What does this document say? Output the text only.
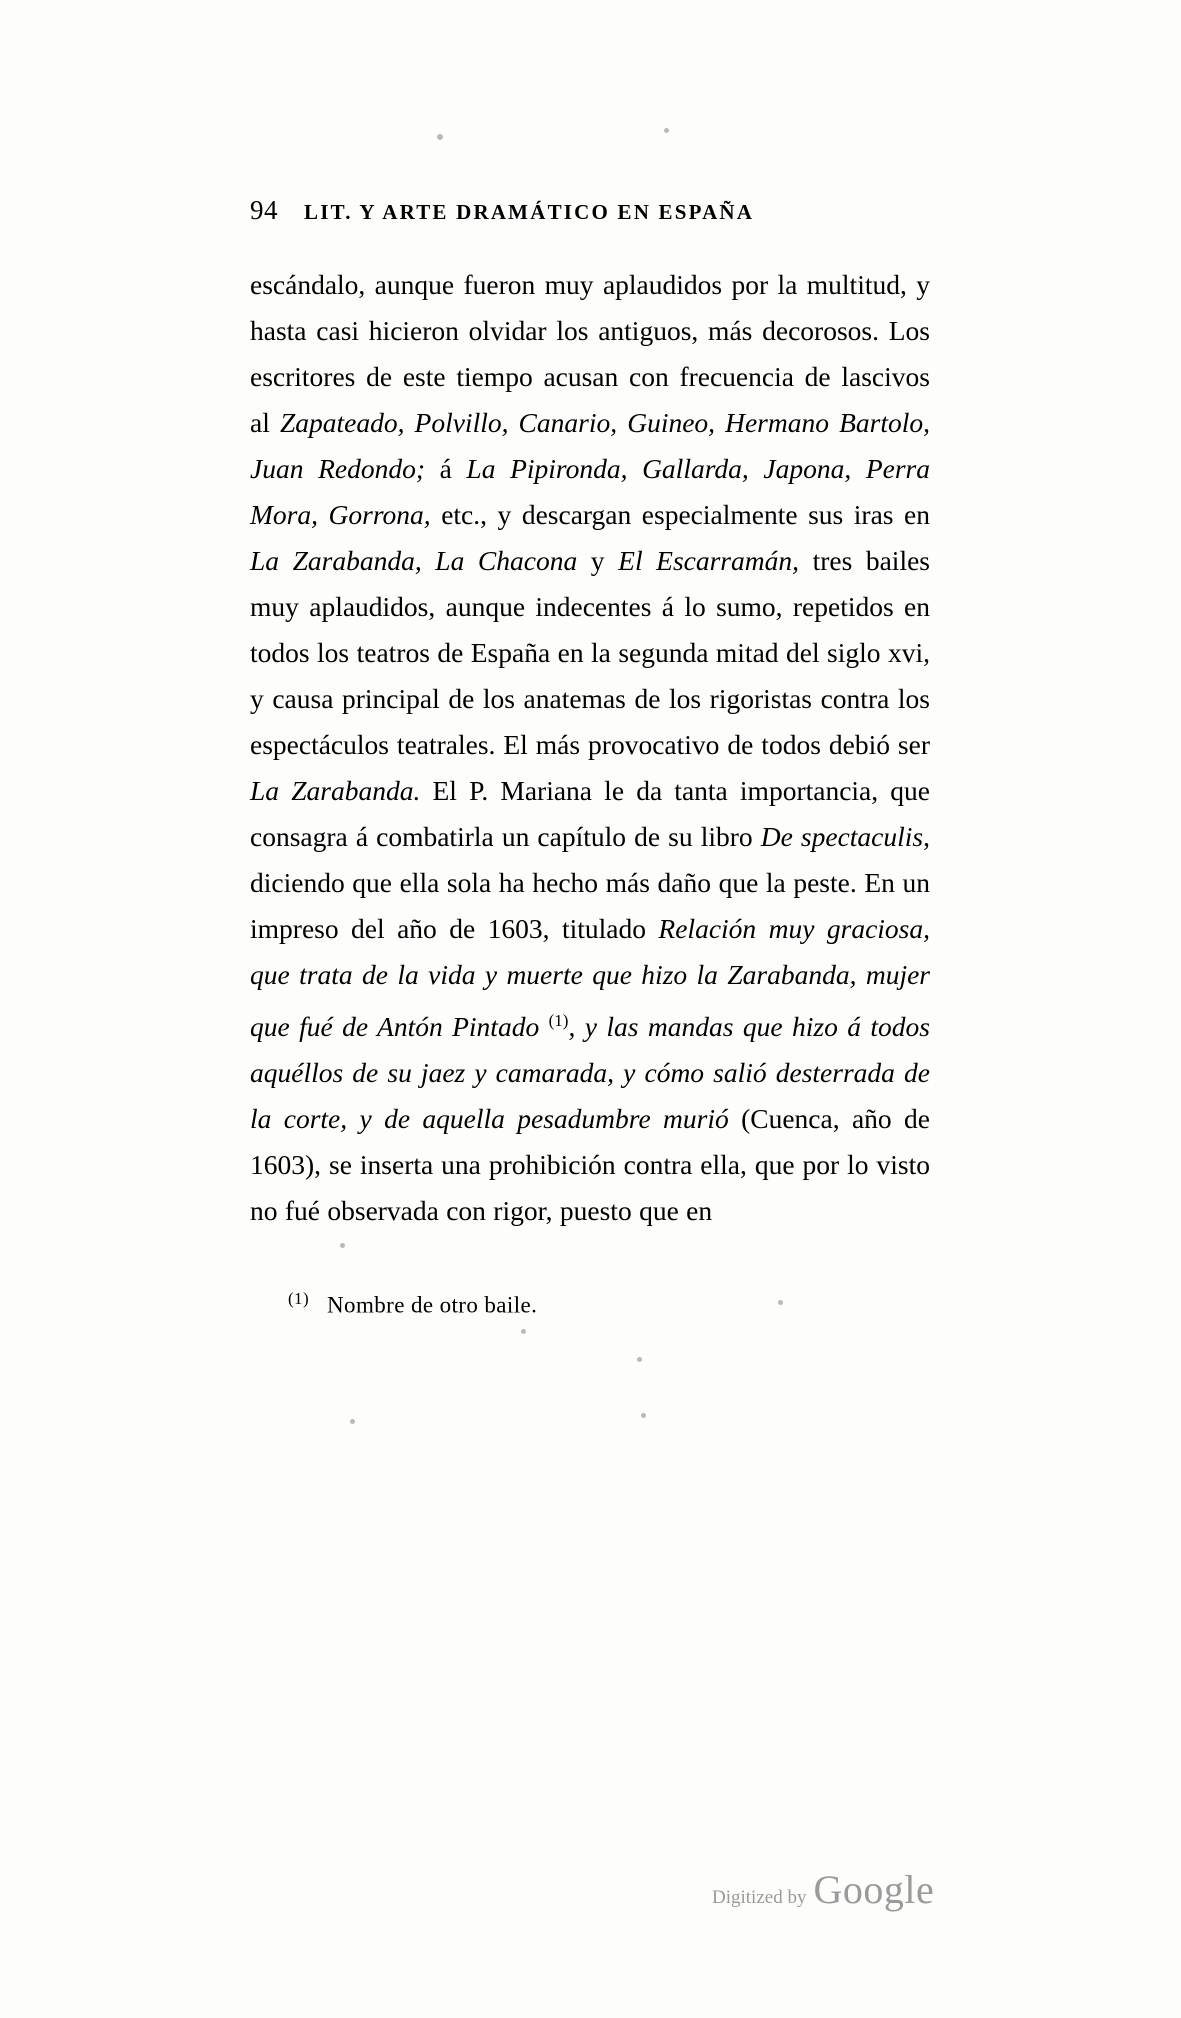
94 LIT. Y ARTE DRAMÁTICO EN ESPAÑA
escándalo, aunque fueron muy aplaudidos por la multitud, y hasta casi hicieron olvidar los antiguos, más decorosos. Los escritores de este tiempo acusan con frecuencia de lascivos al Zapateado, Polvillo, Canario, Guineo, Hermano Bartolo, Juan Redondo; á La Pipironda, Gallarda, Japona, Perra Mora, Gorrona, etc., y descargan especialmente sus iras en La Zarabanda, La Chacona y El Escarramán, tres bailes muy aplaudidos, aunque indecentes á lo sumo, repetidos en todos los teatros de España en la segunda mitad del siglo xvi, y causa principal de los anatemas de los rigoristas contra los espectáculos teatrales. El más provocativo de todos debió ser La Zarabanda. El P. Mariana le da tanta importancia, que consagra á combatirla un capítulo de su libro De spectaculis, diciendo que ella sola ha hecho más daño que la peste. En un impreso del año de 1603, titulado Relación muy graciosa, que trata de la vida y muerte que hizo la Zarabanda, mujer que fué de Antón Pintado $^{(1)}$, y las mandas que hizo á todos aquéllos de su jaez y camarada, y cómo salió desterrada de la corte, y de aquella pesadumbre murió (Cuenca, año de 1603), se inserta una prohibición contra ella, que por lo visto no fué observada con rigor, puesto que en
$^{(1)}$ Nombre de otro baile.
Digitized by Google
